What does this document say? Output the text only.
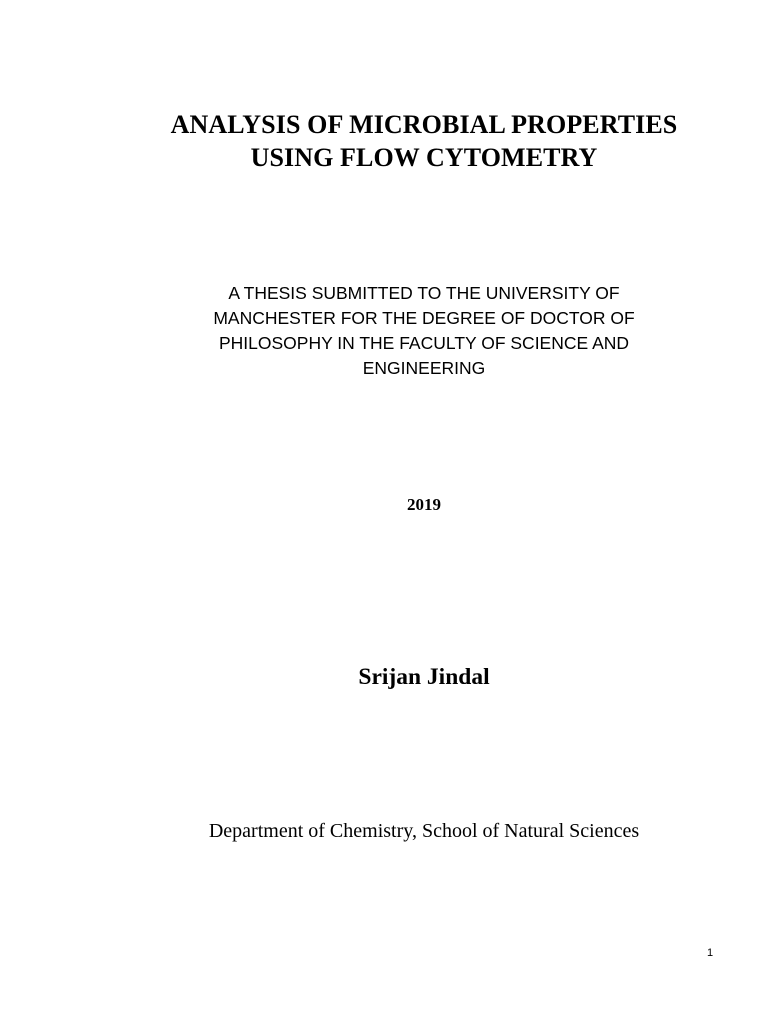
ANALYSIS OF MICROBIAL PROPERTIES
USING FLOW CYTOMETRY
A THESIS SUBMITTED TO THE UNIVERSITY OF
MANCHESTER FOR THE DEGREE OF DOCTOR OF
PHILOSOPHY IN THE FACULTY OF SCIENCE AND
ENGINEERING
2019
Srijan Jindal
Department of Chemistry, School of Natural Sciences
1
